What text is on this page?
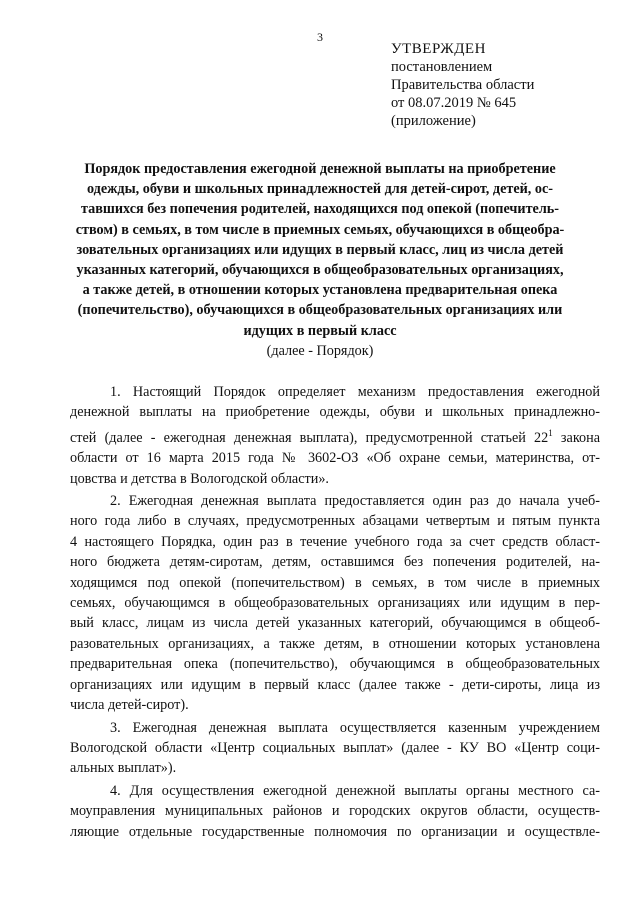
3
УТВЕРЖДЕН
постановлением
Правительства области
от 08.07.2019 № 645
(приложение)
Порядок предоставления ежегодной денежной выплаты на приобретение
одежды, обуви и школьных принадлежностей для детей-сирот, детей, ос-
тавшихся без попечения родителей, находящихся под опекой (попечитель-
ством) в семьях, в том числе в приемных семьях, обучающихся в общеобра-
зовательных организациях или идущих в первый класс, лиц из числа детей
указанных категорий, обучающихся в общеобразовательных организациях,
а также детей, в отношении которых установлена предварительная опека
(попечительство), обучающихся в общеобразовательных организациях или
идущих в первый класс
(далее - Порядок)
1. Настоящий Порядок определяет механизм предоставления ежегодной
денежной выплаты на приобретение одежды, обуви и школьных принадлежно-
стей (далее - ежегодная денежная выплата), предусмотренной статьей $22^1$ закона
области от 16 марта 2015 года № 3602-ОЗ «Об охране семьи, материнства, от-
цовства и детства в Вологодской области».
2. Ежегодная денежная выплата предоставляется один раз до начала учеб-
ного года либо в случаях, предусмотренных абзацами четвертым и пятым пункта
4 настоящего Порядка, один раз в течение учебного года за счет средств област-
ного бюджета детям-сиротам, детям, оставшимся без попечения родителей, на-
ходящимся под опекой (попечительством) в семьях, в том числе в приемных
семьях, обучающимся в общеобразовательных организациях или идущим в пер-
вый класс, лицам из числа детей указанных категорий, обучающимся в общеоб-
разовательных организациях, а также детям, в отношении которых установлена
предварительная опека (попечительство), обучающимся в общеобразовательных
организациях или идущим в первый класс (далее также - дети-сироты, лица из
числа детей-сирот).
3. Ежегодная денежная выплата осуществляется казенным учреждением
Вологодской области «Центр социальных выплат» (далее - КУ ВО «Центр соци-
альных выплат»).
4. Для осуществления ежегодной денежной выплаты органы местного са-
моуправления муниципальных районов и городских округов области, осуществ-
ляющие отдельные государственные полномочия по организации и осуществле-
